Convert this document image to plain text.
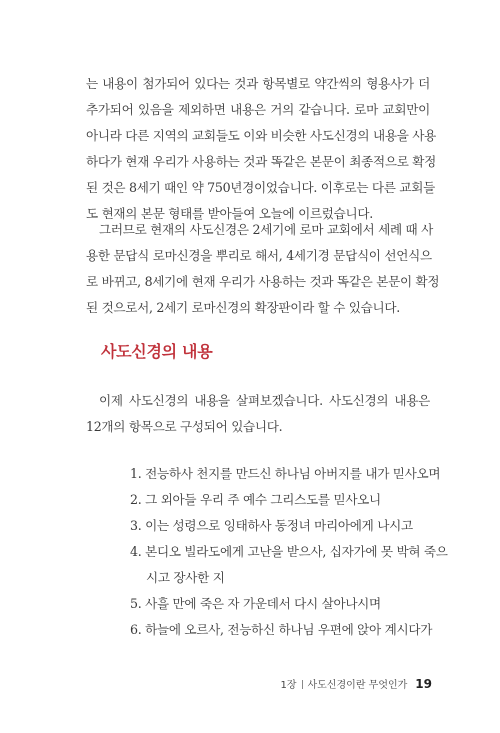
는 내용이 첨가되어 있다는 것과 항목별로 약간씩의 형용사가 더
추가되어 있음을 제외하면 내용은 거의 같습니다. 로마 교회만이
아니라 다른 지역의 교회들도 이와 비슷한 사도신경의 내용을 사용
하다가 현재 우리가 사용하는 것과 똑같은 본문이 최종적으로 확정
된 것은 8세기 때인 약 750년경이었습니다. 이후로는 다른 교회들
도 현재의 본문 형태를 받아들여 오늘에 이르렀습니다.

그러므로 현재의 사도신경은 2세기에 로마 교회에서 세례 때 사
용한 문답식 로마신경을 뿌리로 해서, 4세기경 문답식이 선언식으
로 바뀌고, 8세기에 현재 우리가 사용하는 것과 똑같은 본문이 확정
된 것으로서, 2세기 로마신경의 확장판이라 할 수 있습니다.

사도신경의 내용

이제 사도신경의 내용을 살펴보겠습니다. 사도신경의 내용은
12개의 항목으로 구성되어 있습니다.

1. 전능하사 천지를 만드신 하나님 아버지를 내가 믿사오며
2. 그 외아들 우리 주 예수 그리스도를 믿사오니
3. 이는 성령으로 잉태하사 동정녀 마리아에게 나시고
4. 본디오 빌라도에게 고난을 받으사, 십자가에 못 박혀 죽으
시고 장사한 지
5. 사흘 만에 죽은 자 가운데서 다시 살아나시며
6. 하늘에 오르사, 전능하신 하나님 우편에 앉아 계시다가
1장 사도신경이란 무엇인가 19
